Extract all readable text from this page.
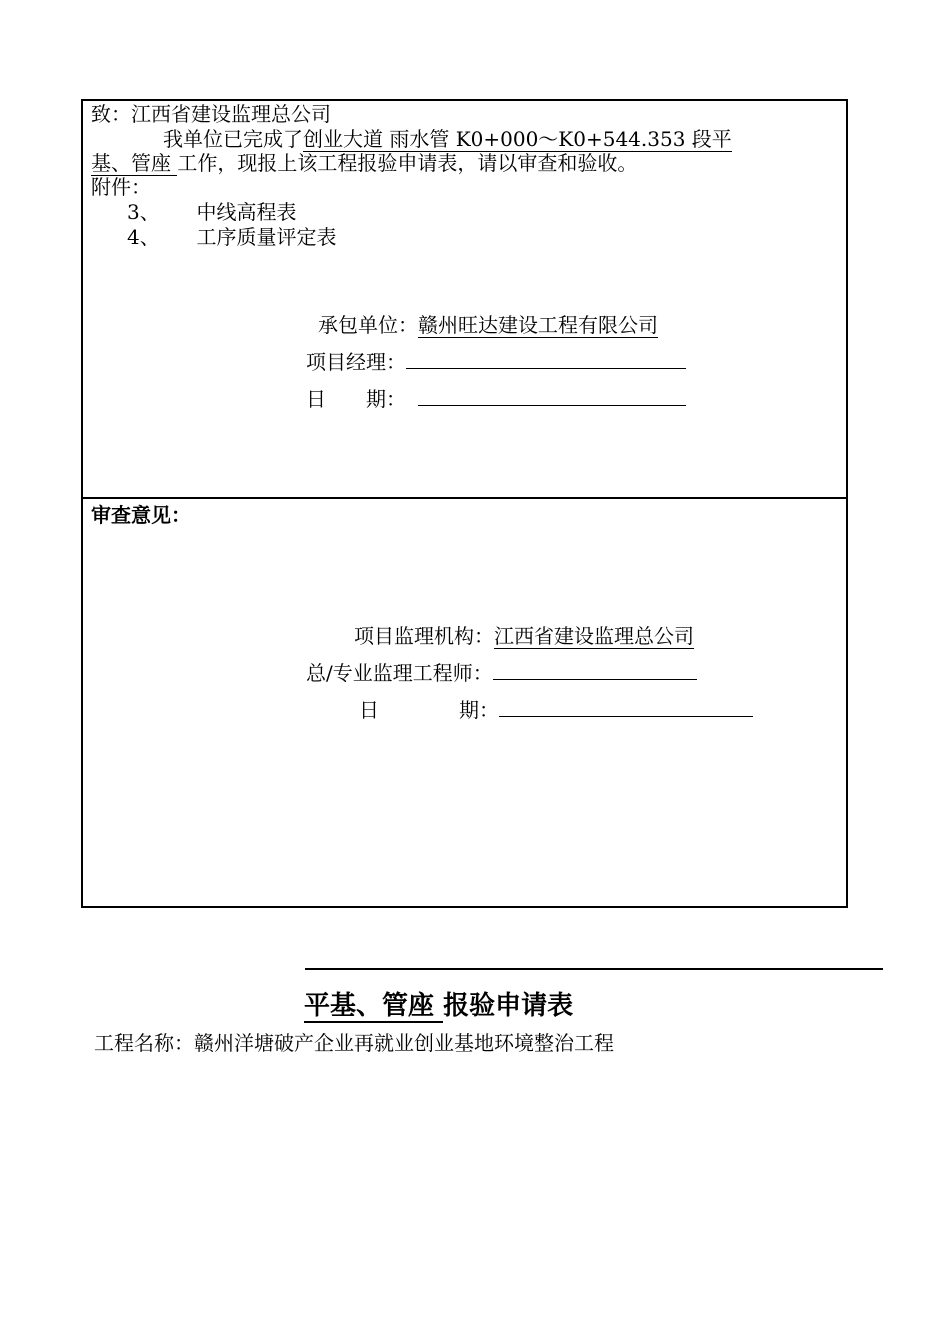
致：江西省建设监理总公司
我单位已完成了创业大道 雨水管 K0+000～K0+544.353 段平
基、管座 工作，现报上该工程报验申请表，请以审查和验收。
附件：
3、 中线高程表
4、 工序质量评定表
承包单位：赣州旺达建设工程有限公司
项目经理：
日　　期：
审查意见：
项目监理机构：江西省建设监理总公司
总/专业监理工程师：
日　　　　期：
平基、管座 报验申请表
工程名称：赣州洋塘破产企业再就业创业基地环境整治工程
